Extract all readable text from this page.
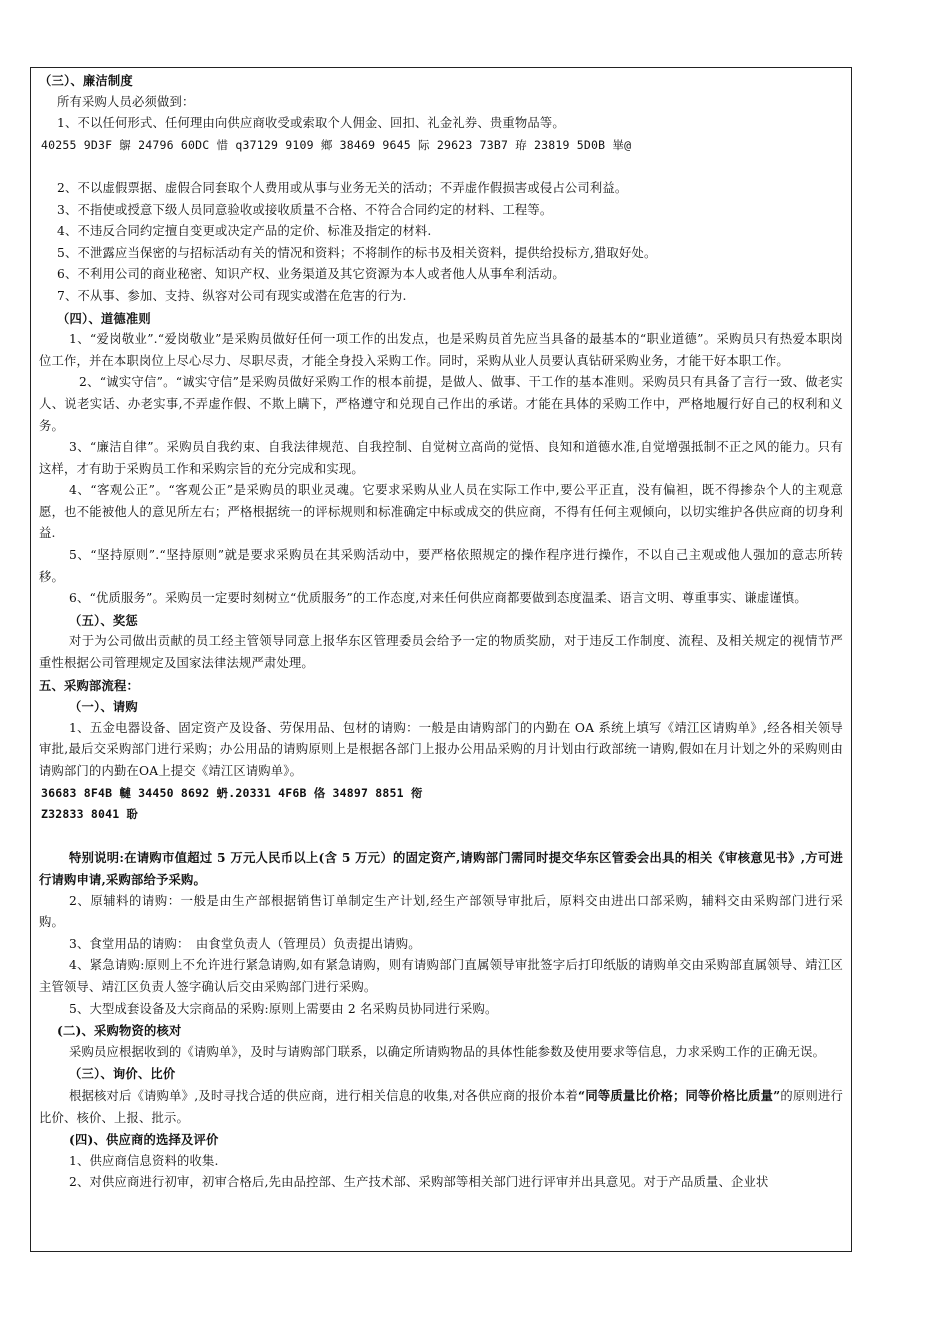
（三）、廉洁制度

所有采购人员必须做到：

1、不以任何形式、任何理由向供应商收受或索取个人佣金、回扣、礼金礼券、贵重物品等。

40255 9D3F 鵿 24796 60DC 惜 q37129 9109 鄉 38469 9645 际 29623 73B7 珔 23819 5D0B 崋@

2、不以虚假票据、虚假合同套取个人费用或从事与业务无关的活动；不弄虚作假损害或侵占公司利益。

3、不指使或授意下级人员同意验收或接收质量不合格、不符合合同约定的材料、工程等。

4、不违反合同约定擅自变更或决定产品的定价、标准及指定的材料.

5、不泄露应当保密的与招标活动有关的情况和资料；不将制作的标书及相关资料，提供给投标方,猎取好处。

6、不利用公司的商业秘密、知识产权、业务渠道及其它资源为本人或者他人从事牟利活动。

7、不从事、参加、支持、纵容对公司有现实或潜在危害的行为.

（四）、道德准则

1、“爱岗敬业”.“爱岗敬业”是采购员做好任何一项工作的出发点，也是采购员首先应当具备的最基本的“职业道德”。采购员只有热爱本职岗位工作，并在本职岗位上尽心尽力、尽职尽责，才能全身投入采购工作。同时，采购从业人员要认真钻研采购业务，才能干好本职工作。

2、“诚实守信”。“诚实守信”是采购员做好采购工作的根本前提，是做人、做事、干工作的基本准则。采购员只有具备了言行一致、做老实人、说老实话、办老实事,不弄虚作假、不欺上瞒下，严格遵守和兑现自己作出的承诺。才能在具体的采购工作中，严格地履行好自己的权利和义务。

3、“廉洁自律”。采购员自我约束、自我法律规范、自我控制、自觉树立高尚的觉悟、良知和道德水准,自觉增强抵制不正之风的能力。只有这样，才有助于采购员工作和采购宗旨的充分完成和实现。

4、“客观公正”。“客观公正”是采购员的职业灵魂。它要求采购从业人员在实际工作中,要公平正直，没有偏袒，既不得掺杂个人的主观意愿，也不能被他人的意见所左右；严格根据统一的评标规则和标准确定中标或成交的供应商，不得有任何主观倾向，以切实维护各供应商的切身利益.

5、“坚持原则”.“坚持原则”就是要求采购员在其采购活动中，要严格依照规定的操作程序进行操作，不以自己主观或他人强加的意志所转移。

6、“优质服务”。采购员一定要时刻树立“优质服务”的工作态度,对来任何供应商都要做到态度温柔、语言文明、尊重事实、谦虚谨慎。

（五）、奖惩

对于为公司做出贡献的员工经主管领导同意上报华东区管理委员会给予一定的物质奖励，对于违反工作制度、流程、及相关规定的视情节严重性根据公司管理规定及国家法律法规严肃处理。

五、采购部流程：

（一）、请购

1、五金电器设备、固定资产及设备、劳保用品、包材的请购：一般是由请购部门的内勤在 OA 系统上填写《靖江区请购单》,经各相关领导审批,最后交采购部门进行采购；办公用品的请购原则上是根据各部门上报办公用品采购的月计划由行政部统一请购,假如在月计划之外的采购则由请购部门的内勤在OA上提交《靖江区请购单》。

36683 8F4B 轋 34450 8692 蚒.20331 4F6B 佫 34897 8851 衑

Z32833 8041 聁

特别说明:在请购市值超过 5 万元人民币以上(含 5 万元）的固定资产,请购部门需同时提交华东区管委会出具的相关《审核意见书》,方可进行请购申请,采购部给予采购。

2、原辅料的请购：一般是由生产部根据销售订单制定生产计划,经生产部领导审批后，原料交由进出口部采购，辅料交由采购部门进行采购。

3、食堂用品的请购：　由食堂负责人（管理员）负责提出请购。

4、紧急请购:原则上不允许进行紧急请购,如有紧急请购，则有请购部门直属领导审批签字后打印纸版的请购单交由采购部直属领导、靖江区主管领导、靖江区负责人签字确认后交由采购部门进行采购。

5、大型成套设备及大宗商品的采购:原则上需要由 2 名采购员协同进行采购。

(二)、采购物资的核对

采购员应根据收到的《请购单》，及时与请购部门联系，以确定所请购物品的具体性能参数及使用要求等信息，力求采购工作的正确无误。

（三）、询价、比价

根据核对后《请购单》,及时寻找合适的供应商，进行相关信息的收集,对各供应商的报价本着“同等质量比价格；同等价格比质量”的原则进行比价、核价、上报、批示。

(四)、供应商的选择及评价

1、供应商信息资料的收集.

2、对供应商进行初审，初审合格后,先由品控部、生产技术部、采购部等相关部门进行评审并出具意见。对于产品质量、企业状
